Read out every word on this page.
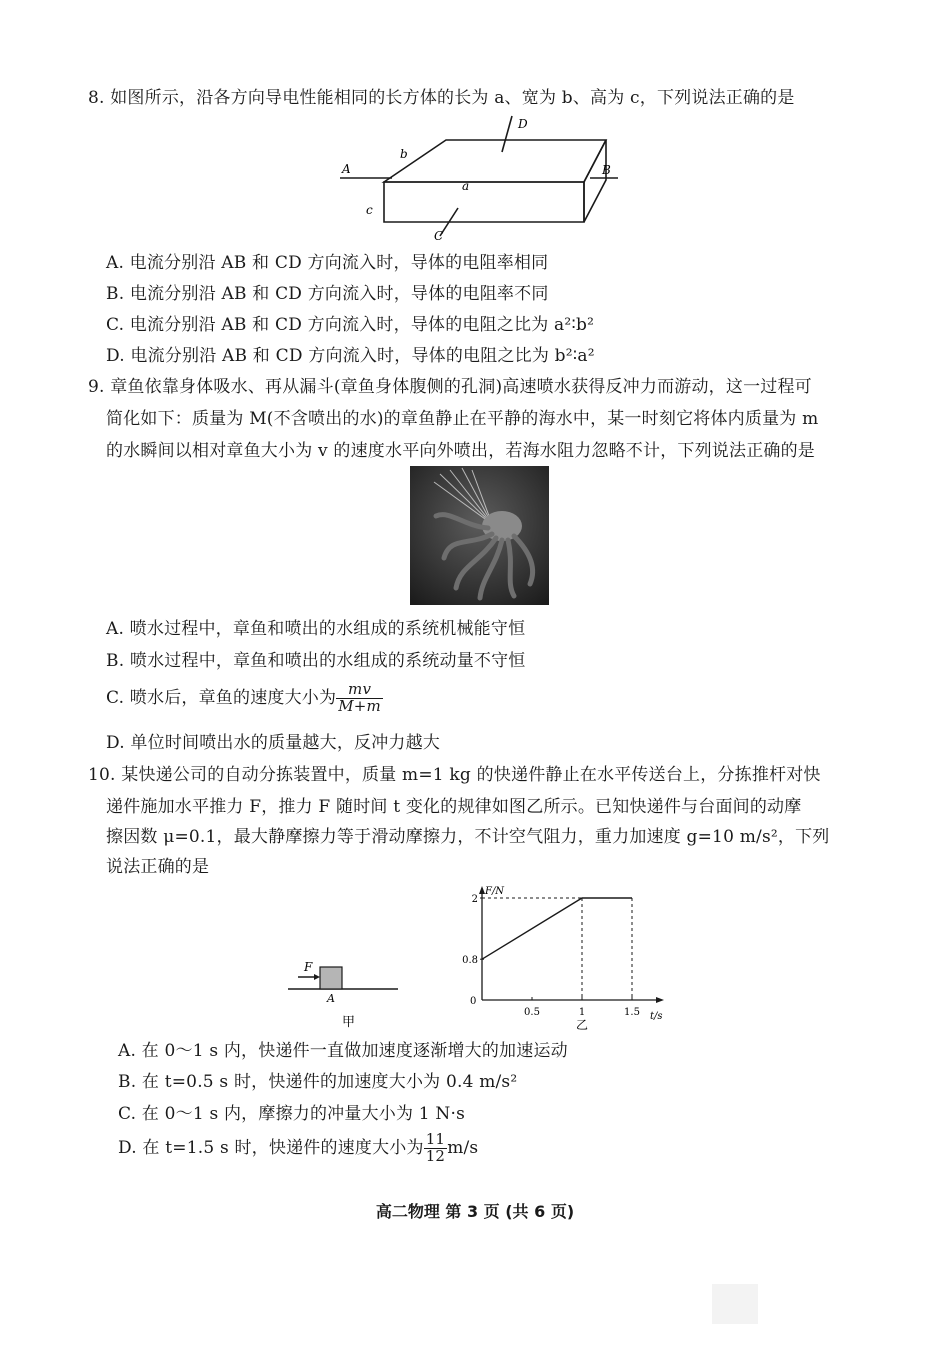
8. 如图所示，沿各方向导电性能相同的长方体的长为 a、宽为 b、高为 c，下列说法正确的是
D
A	B
C
b
a
c
A. 电流分别沿 AB 和 CD 方向流入时，导体的电阻率相同
B. 电流分别沿 AB 和 CD 方向流入时，导体的电阻率不同
C. 电流分别沿 AB 和 CD 方向流入时，导体的电阻之比为 a²∶b²
D. 电流分别沿 AB 和 CD 方向流入时，导体的电阻之比为 b²∶a²
9. 章鱼依靠身体吸水、再从漏斗(章鱼身体腹侧的孔洞)高速喷水获得反冲力而游动，这一过程可
简化如下：质量为 M(不含喷出的水)的章鱼静止在平静的海水中，某一时刻它将体内质量为 m
的水瞬间以相对章鱼大小为 v 的速度水平向外喷出，若海水阻力忽略不计，下列说法正确的是
A. 喷水过程中，章鱼和喷出的水组成的系统机械能守恒
B. 喷水过程中，章鱼和喷出的水组成的系统动量不守恒
C. 喷水后，章鱼的速度大小为 $\frac{mv}{M+m}$
D. 单位时间喷出水的质量越大，反冲力越大
10. 某快递公司的自动分拣装置中，质量 m=1 kg 的快递件静止在水平传送台上，分拣推杆对快
递件施加水平推力 F，推力 F 随时间 t 变化的规律如图乙所示。已知快递件与台面间的动摩
擦因数 μ=0.1，最大静摩擦力等于滑动摩擦力，不计空气阻力，重力加速度 g=10 m/s²，下列
说法正确的是
F
A
甲
F/N
t/s
0
0.8
2
0.5	1	1.5
乙
A. 在 0～1 s 内，快递件一直做加速度逐渐增大的加速运动
B. 在 t=0.5 s 时，快递件的加速度大小为 0.4 m/s²
C. 在 0～1 s 内，摩擦力的冲量大小为 1 N·s
D. 在 t=1.5 s 时，快递件的速度大小为 $\frac{11}{12} m/s$
高二物理 第 3 页 (共 6 页)
